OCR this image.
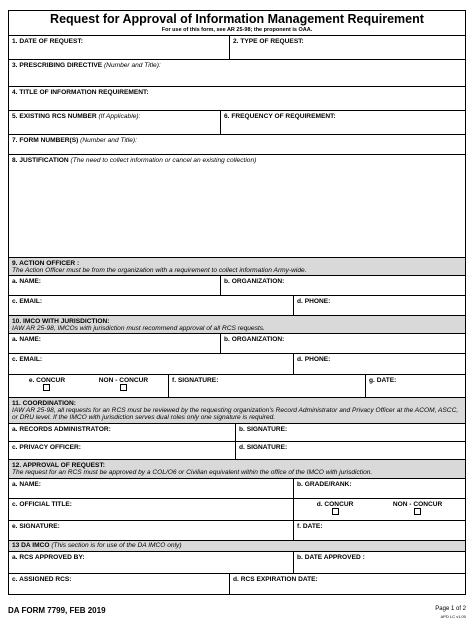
Request for Approval of Information Management Requirement
For use of this form, see AR 25-98; the proponent is OAA.
1. DATE OF REQUEST:	2. TYPE OF REQUEST:
3. PRESCRIBING DIRECTIVE (Number and Title):
4. TITLE OF INFORMATION REQUIREMENT:
5. EXISTING RCS NUMBER (If Applicable):	6. FREQUENCY OF REQUIREMENT:
7. FORM NUMBER(S) (Number and Title):
8. JUSTIFICATION (The need to collect information or cancel an existing collection)
9. ACTION OFFICER :
The Action Officer must be from the organization with a requirement to collect information Army-wide.
a. NAME:	b. ORGANIZATION:
c. EMAIL:	d. PHONE:
10. IMCO WITH JURISDICTION:
IAW AR 25-98, IMCOs with jurisdiction must recommend approval of all RCS requests.
a. NAME:	b. ORGANIZATION:
c. EMAIL:	d. PHONE:
e. CONCUR	NON - CONCUR	f. SIGNATURE:	g. DATE:
11. COORDINATION:
IAW AR 25-98, all requests for an RCS must be reviewed by the requesting organization's Record Administrator and Privacy Officer at the ACOM, ASCC, or DRU level. If the IMCO with jurisdiction serves dual roles only one signature is required.
a. RECORDS ADMINISTRATOR:	b. SIGNATURE:
c. PRIVACY OFFICER:	d. SIGNATURE:
12. APPROVAL OF REQUEST:
The request for an RCS must be approved by a COL/O6 or Civilian equivalent within the office of the IMCO with jurisdiction.
a. NAME:	b. GRADE/RANK:
c. OFFICIAL TITLE:	d. CONCUR	NON - CONCUR
e. SIGNATURE:	f. DATE:
13 DA IMCO (This section is for use of the DA IMCO only)
a. RCS APPROVED BY:	b. DATE APPROVED :
c. ASSIGNED RCS:	d. RCS EXPIRATION DATE:
DA FORM 7799, FEB 2019	Page 1 of 2
APD LC v1.00
